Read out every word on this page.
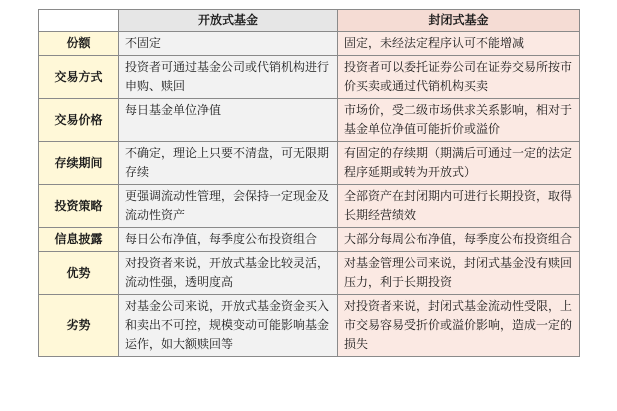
	开放式基金	封闭式基金
份额	不固定	固定，未经法定程序认可不能增减
交易方式	投资者可通过基金公司或代销机构进行申购、赎回	投资者可以委托证券公司在证券交易所按市价买卖或通过代销机构买卖
交易价格	每日基金单位净值	市场价，受二级市场供求关系影响，相对于基金单位净值可能折价或溢价
存续期间	不确定，理论上只要不清盘，可无限期存续	有固定的存续期（期满后可通过一定的法定程序延期或转为开放式）
投资策略	更强调流动性管理，会保持一定现金及流动性资产	全部资产在封闭期内可进行长期投资，取得长期经营绩效
信息披露	每日公布净值，每季度公布投资组合	大部分每周公布净值，每季度公布投资组合
优势	对投资者来说，开放式基金比较灵活，流动性强，透明度高	对基金管理公司来说，封闭式基金没有赎回压力，利于长期投资
劣势	对基金公司来说，开放式基金资金买入和卖出不可控，规模变动可能影响基金运作，如大额赎回等	对投资者来说，封闭式基金流动性受限，上市交易容易受折价或溢价影响，造成一定的损失
